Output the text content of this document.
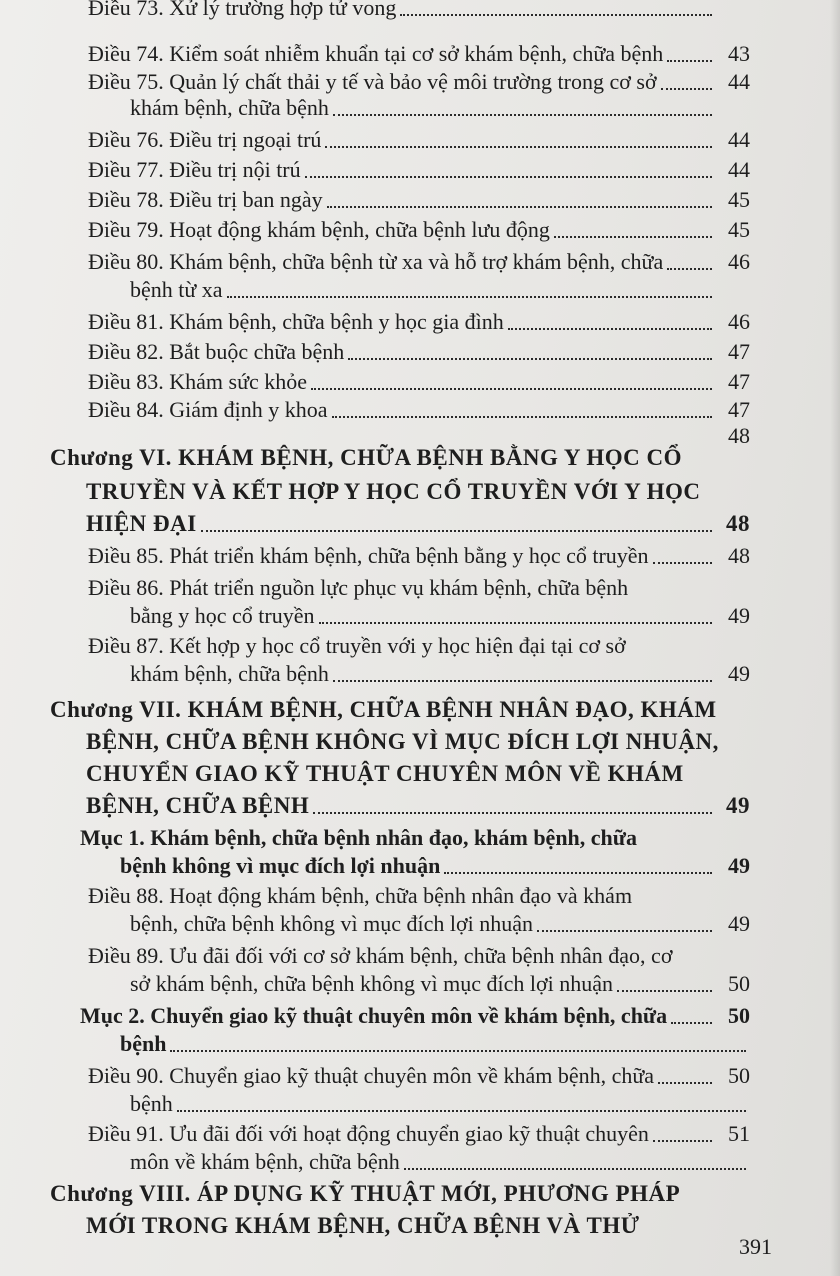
Điều 73. Xử lý trường hợp tử vong
Điều 74. Kiểm soát nhiễm khuẩn tại cơ sở khám bệnh, chữa bệnh	43
Điều 75. Quản lý chất thải y tế và bảo vệ môi trường trong cơ sở	44
khám bệnh, chữa bệnh
Điều 76. Điều trị ngoại trú	44
Điều 77. Điều trị nội trú	44
Điều 78. Điều trị ban ngày	45
Điều 79. Hoạt động khám bệnh, chữa bệnh lưu động	45
Điều 80. Khám bệnh, chữa bệnh từ xa và hỗ trợ khám bệnh, chữa	46
bệnh từ xa
Điều 81. Khám bệnh, chữa bệnh y học gia đình	46
Điều 82. Bắt buộc chữa bệnh	47
Điều 83. Khám sức khỏe	47
Điều 84. Giám định y khoa	47
48
Chương VI. KHÁM BỆNH, CHỮA BỆNH BẰNG Y HỌC CỔ
TRUYỀN VÀ KẾT HỢP Y HỌC CỔ TRUYỀN VỚI Y HỌC
HIỆN ĐẠI	48
Điều 85. Phát triển khám bệnh, chữa bệnh bằng y học cổ truyền	48
Điều 86. Phát triển nguồn lực phục vụ khám bệnh, chữa bệnh
bằng y học cổ truyền	49
Điều 87. Kết hợp y học cổ truyền với y học hiện đại tại cơ sở
khám bệnh, chữa bệnh	49
Chương VII. KHÁM BỆNH, CHỮA BỆNH NHÂN ĐẠO, KHÁM
BỆNH, CHỮA BỆNH KHÔNG VÌ MỤC ĐÍCH LỢI NHUẬN,
CHUYỂN GIAO KỸ THUẬT CHUYÊN MÔN VỀ KHÁM
BỆNH, CHỮA BỆNH	49
Mục 1. Khám bệnh, chữa bệnh nhân đạo, khám bệnh, chữa
bệnh không vì mục đích lợi nhuận	49
Điều 88. Hoạt động khám bệnh, chữa bệnh nhân đạo và khám
bệnh, chữa bệnh không vì mục đích lợi nhuận	49
Điều 89. Ưu đãi đối với cơ sở khám bệnh, chữa bệnh nhân đạo, cơ
sở khám bệnh, chữa bệnh không vì mục đích lợi nhuận	50
Mục 2. Chuyển giao kỹ thuật chuyên môn về khám bệnh, chữa	50
bệnh
Điều 90. Chuyển giao kỹ thuật chuyên môn về khám bệnh, chữa	50
bệnh
Điều 91. Ưu đãi đối với hoạt động chuyển giao kỹ thuật chuyên	51
môn về khám bệnh, chữa bệnh
Chương VIII. ÁP DỤNG KỸ THUẬT MỚI, PHƯƠNG PHÁP
MỚI TRONG KHÁM BỆNH, CHỮA BỆNH VÀ THỬ
391
